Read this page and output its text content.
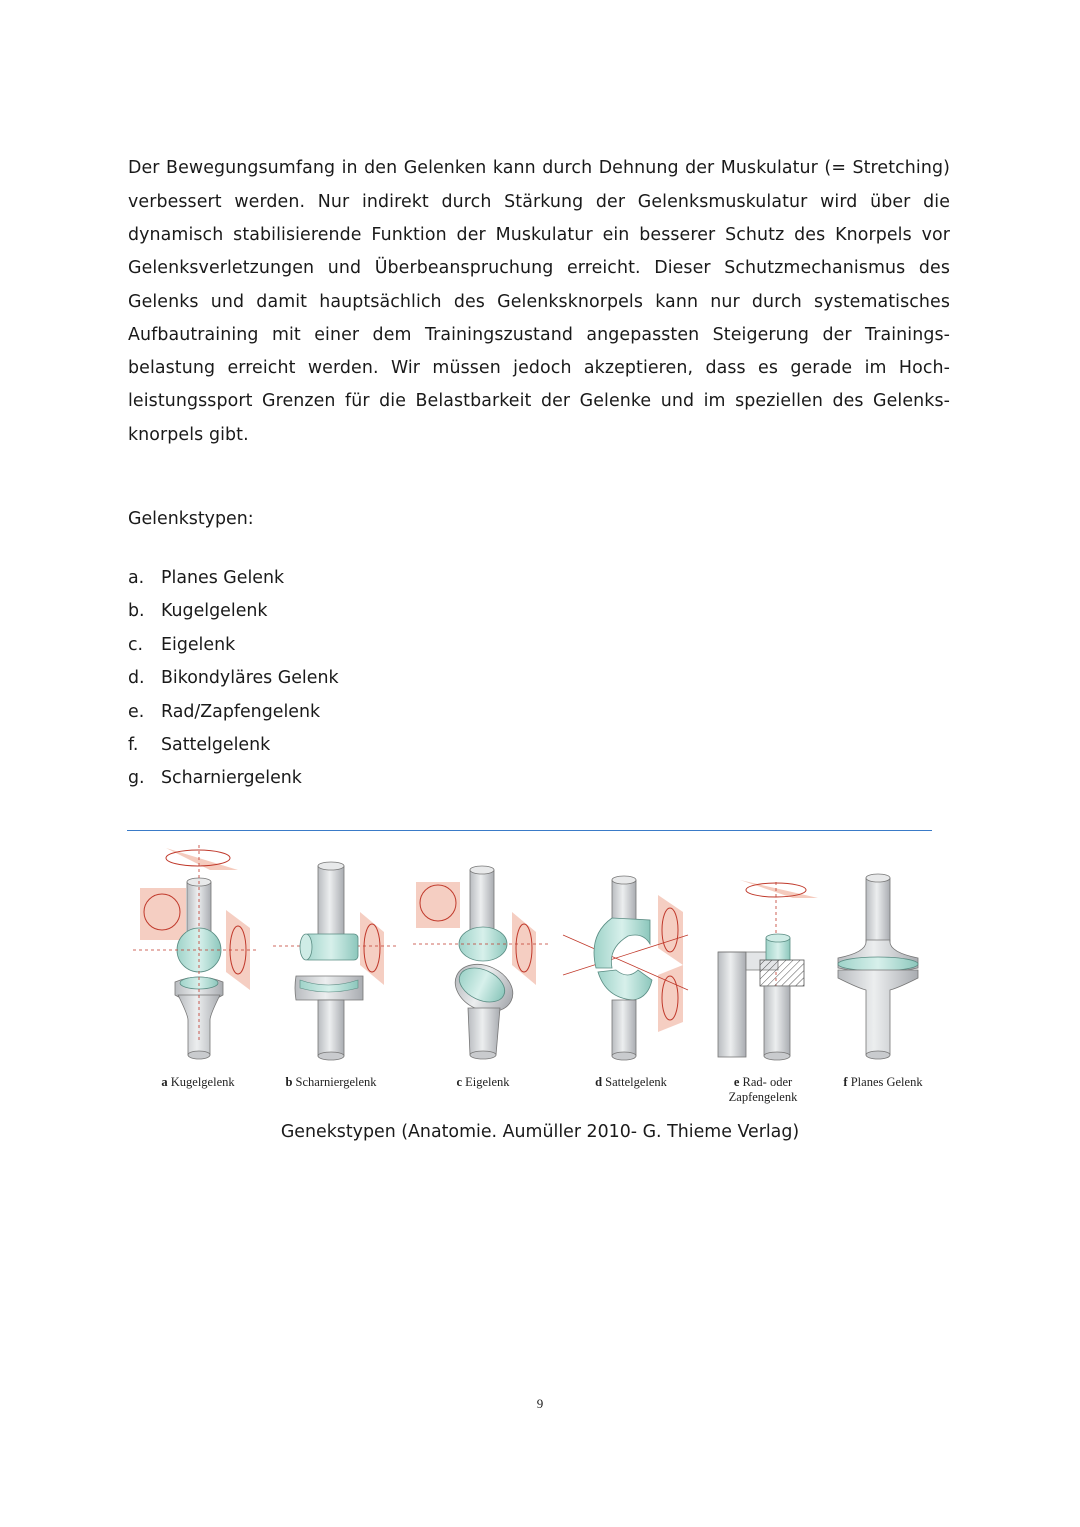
Der Bewegungsumfang in den Gelenken kann durch Dehnung der Muskulatur (= Stretching) verbessert werden. Nur indirekt durch Stärkung der Gelenksmuskulatur wird über die dynamisch stabilisierende Funktion der Muskulatur ein besserer Schutz des Knorpels vor Gelenksverletzungen und Überbeanspruchung erreicht. Dieser Schutzmechanismus des Gelenks und damit hauptsächlich des Gelenksknorpels kann nur durch systematisches Aufbautraining mit einer dem Trainingszustand angepassten Steigerung der Trainings-belastung erreicht werden. Wir müssen jedoch akzeptieren, dass es gerade im Hoch-leistungssport Grenzen für die Belastbarkeit der Gelenke und im speziellen des Gelenks-knorpels gibt.

Gelenkstypen:
a. Planes Gelenk
b. Kugelgelenk
c.	Eigelenk
d. Bikondyläres Gelenk
e. Rad/Zapfengelenk
f.	Sattelgelenk
g. Scharniergelenk
a Kugelgelenk	b Scharniergelenk	c Eigelenk	d Sattelgelenk	e Rad- oder
Zapfengelenk
f Planes Gelenk
Genekstypen (Anatomie. Aumüller 2010- G. Thieme Verlag)
9
